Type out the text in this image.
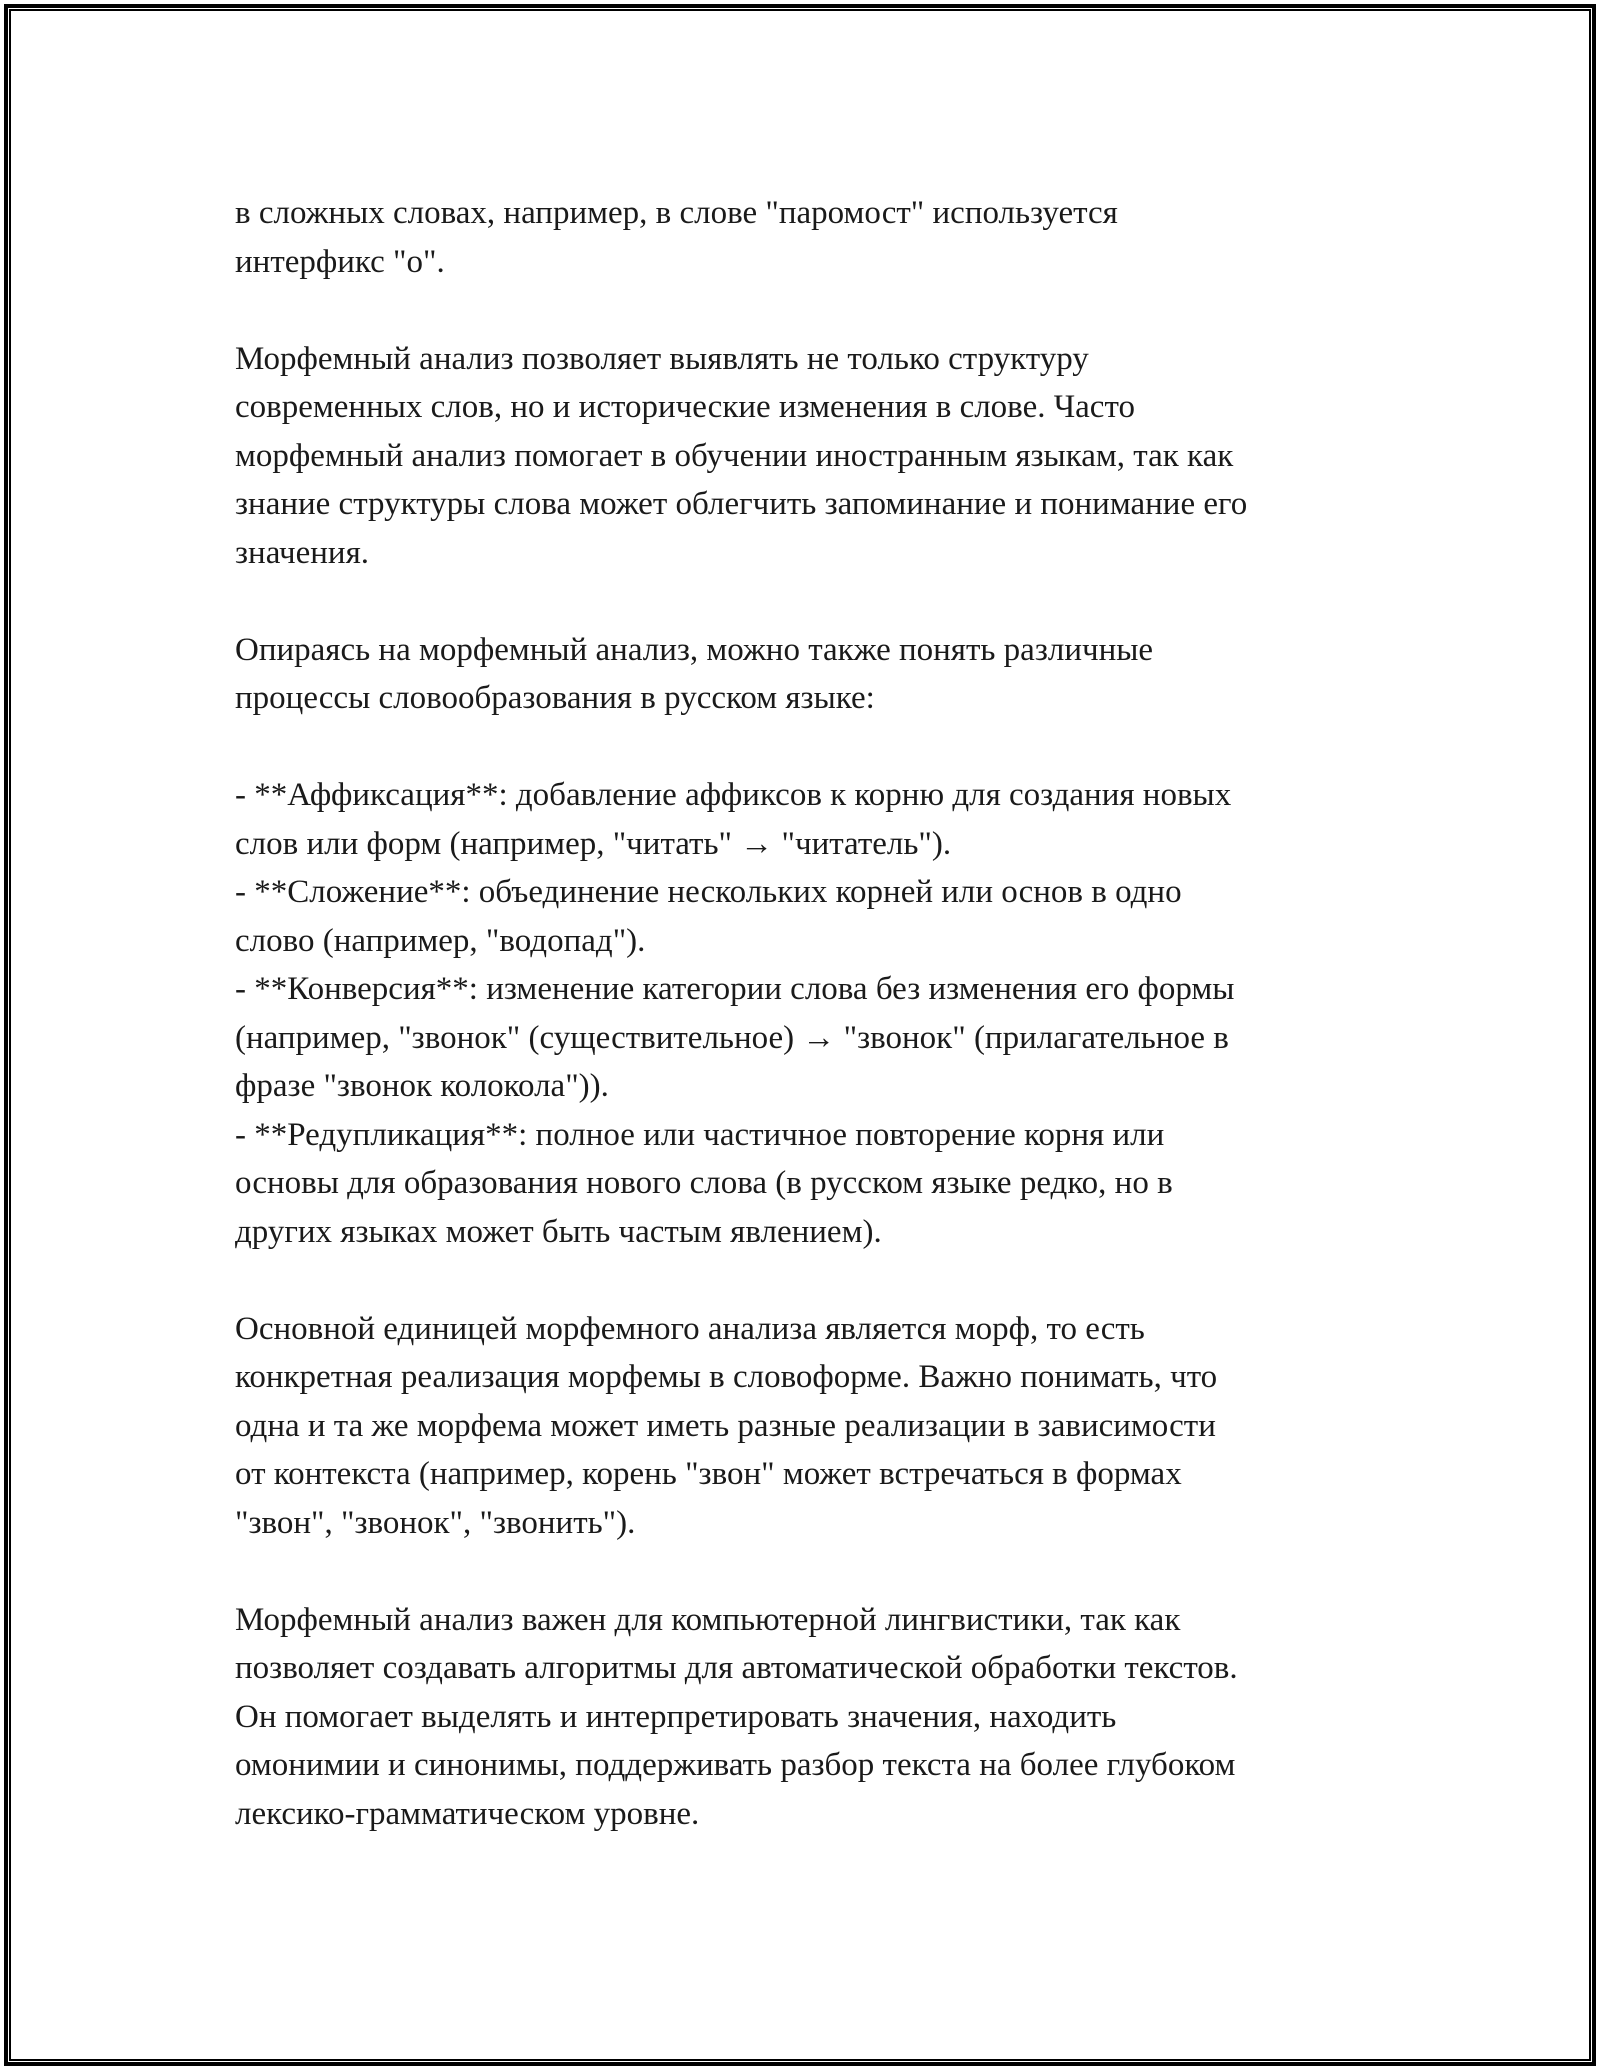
в сложных словах, например, в слове "паромост" используется
интерфикс "о".

Морфемный анализ позволяет выявлять не только структуру
современных слов, но и исторические изменения в слове. Часто
морфемный анализ помогает в обучении иностранным языкам, так как
знание структуры слова может облегчить запоминание и понимание его
значения.

Опираясь на морфемный анализ, можно также понять различные
процессы словообразования в русском языке:

- **Аффиксация**: добавление аффиксов к корню для создания новых
слов или форм (например, "читать" → "читатель").
- **Сложение**: объединение нескольких корней или основ в одно
слово (например, "водопад").
- **Конверсия**: изменение категории слова без изменения его формы
(например, "звонок" (существительное) → "звонок" (прилагательное в
фразе "звонок колокола")).
- **Редупликация**: полное или частичное повторение корня или
основы для образования нового слова (в русском языке редко, но в
других языках может быть частым явлением).

Основной единицей морфемного анализа является морф, то есть
конкретная реализация морфемы в словоформе. Важно понимать, что
одна и та же морфема может иметь разные реализации в зависимости
от контекста (например, корень "звон" может встречаться в формах
"звон", "звонок", "звонить").

Морфемный анализ важен для компьютерной лингвистики, так как
позволяет создавать алгоритмы для автоматической обработки текстов.
Он помогает выделять и интерпретировать значения, находить
омонимии и синонимы, поддерживать разбор текста на более глубоком
лексико-грамматическом уровне.
